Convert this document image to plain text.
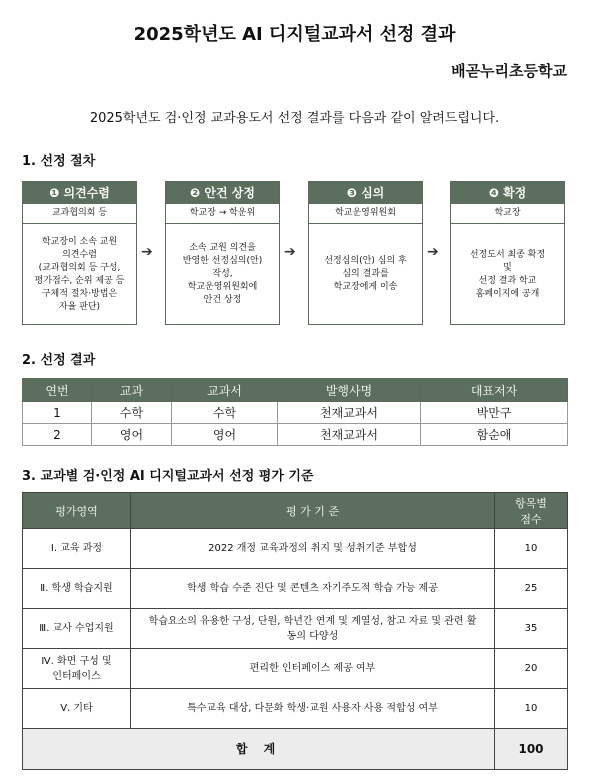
2025학년도 AI 디지털교과서 선정 결과
배곧누리초등학교
2025학년도 검·인정 교과용도서 선정 결과를 다음과 같이 알려드립니다.
1. 선정 절차
❶ 의견수렴
교과협의회 등
학교장이 소속 교원
의견수렴
(교과협의회 등 구성,
평가점수, 순위 제공 등
구체적 절차·방법은
자율 판단)
➔
❷ 안건 상정
학교장 → 학운위
소속 교원 의견을
반영한 선정심의(안)
작성,
학교운영위원회에
안건 상정
➔
❸ 심의
학교운영위원회
선정심의(안) 심의 후
심의 결과를
학교장에게 이송
➔
❹ 확정
학교장
선정도서 최종 확정
및
선정 결과 학교
홈페이지에 공개
2. 선정 결과
연번	교과	교과서	발행사명	대표저자
1	수학	수학	천재교과서	박만구
2	영어	영어	천재교과서	함순애
3. 교과별 검·인정 AI 디지털교과서 선정 평가 기준
평가영역	평 가 기 준	항목별
점수
Ⅰ. 교육 과정	2022 개정 교육과정의 취지 및 성취기준 부합성	10
Ⅱ. 학생 학습지원	학생 학습 수준 진단 및 콘텐츠 자기주도적 학습 가능 제공	25
Ⅲ. 교사 수업지원	학습요소의 유용한 구성, 단원, 학년간 연계 및 계열성, 참고 자료 및 관련 활동의 다양성	35
Ⅳ. 화면 구성 및
인터페이스	편리한 인터페이스 제공 여부	20
Ⅴ. 기타	특수교육 대상, 다문화 학생·교원 사용자 사용 적합성 여부	10
합 계		100
